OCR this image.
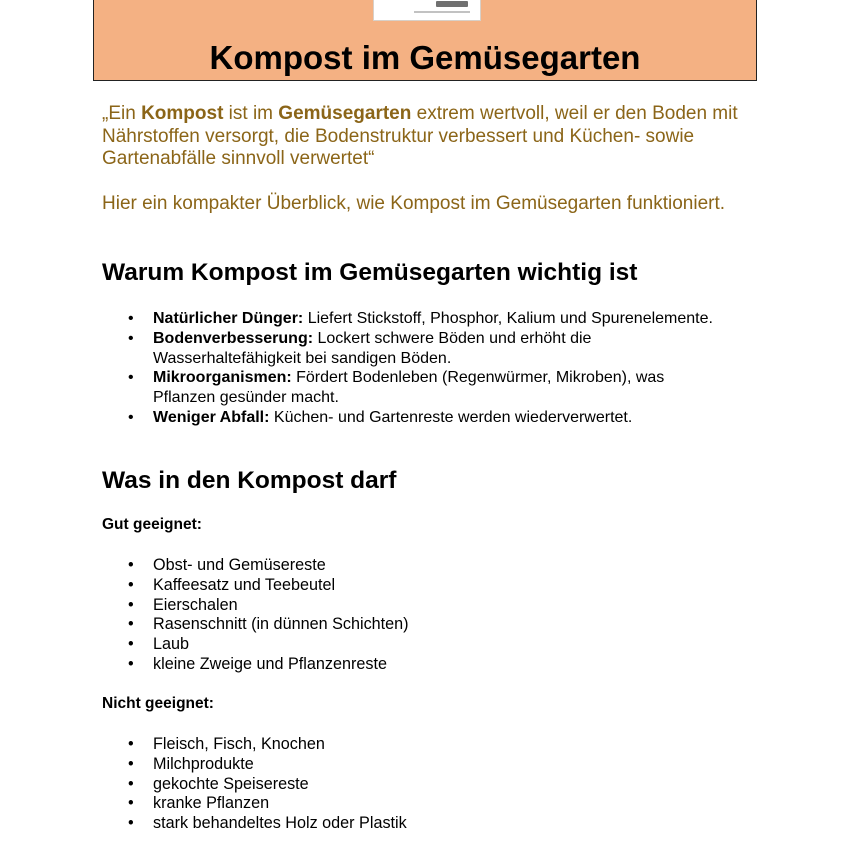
Kompost im Gemüsegarten

„Ein Kompost ist im Gemüsegarten extrem wertvoll, weil er den Boden mit Nährstoffen versorgt, die Bodenstruktur verbessert und Küchen- sowie Gartenabfälle sinnvoll verwertet“

Hier ein kompakter Überblick, wie Kompost im Gemüsegarten funktioniert.

Warum Kompost im Gemüsegarten wichtig ist
• Natürlicher Dünger: Liefert Stickstoff, Phosphor, Kalium und Spurenelemente.
• Bodenverbesserung: Lockert schwere Böden und erhöht die Wasserhaltefähigkeit bei sandigen Böden.
• Mikroorganismen: Fördert Bodenleben (Regenwürmer, Mikroben), was Pflanzen gesünder macht.
• Weniger Abfall: Küchen- und Gartenreste werden wiederverwertet.
Was in den Kompost darf
Gut geeignet:
• Obst- und Gemüsereste
• Kaffeesatz und Teebeutel
• Eierschalen
• Rasenschnitt (in dünnen Schichten)
• Laub
• kleine Zweige und Pflanzenreste
Nicht geeignet:
• Fleisch, Fisch, Knochen
• Milchprodukte
• gekochte Speisereste
• kranke Pflanzen
• stark behandeltes Holz oder Plastik
